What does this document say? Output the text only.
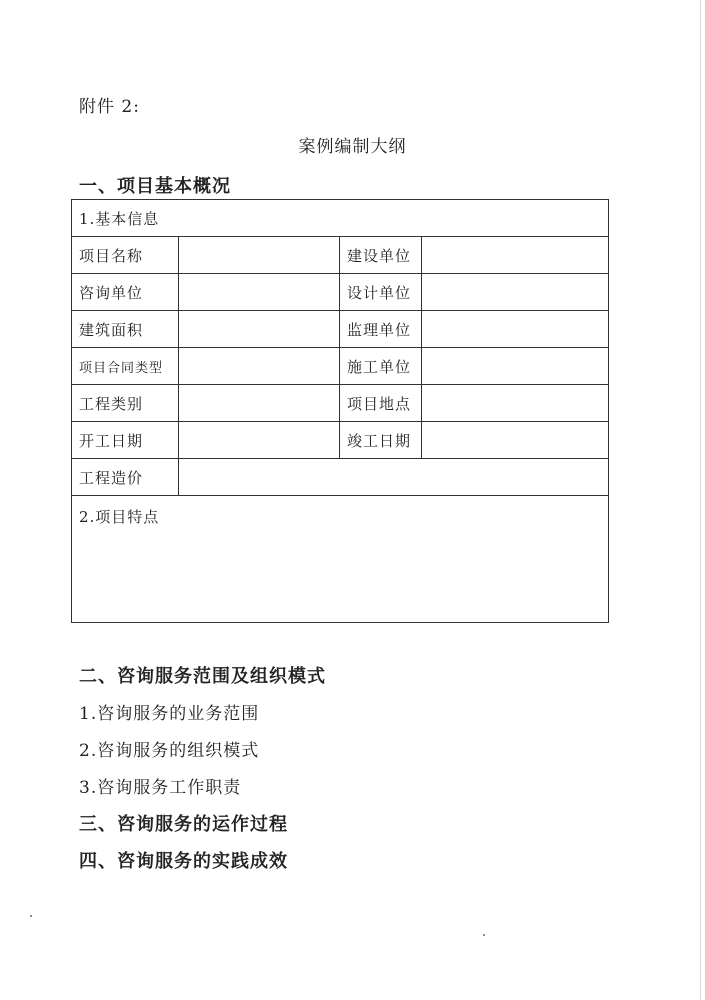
附件 2:
案例编制大纲
一、项目基本概况
1.基本信息			
项目名称		建设单位	
咨询单位		设计单位	
建筑面积		监理单位	
项目合同类型		施工单位	
工程类别		项目地点	
开工日期		竣工日期	
工程造价			
2.项目特点			
二、咨询服务范围及组织模式
1.咨询服务的业务范围
2.咨询服务的组织模式
3.咨询服务工作职责
三、咨询服务的运作过程
四、咨询服务的实践成效
